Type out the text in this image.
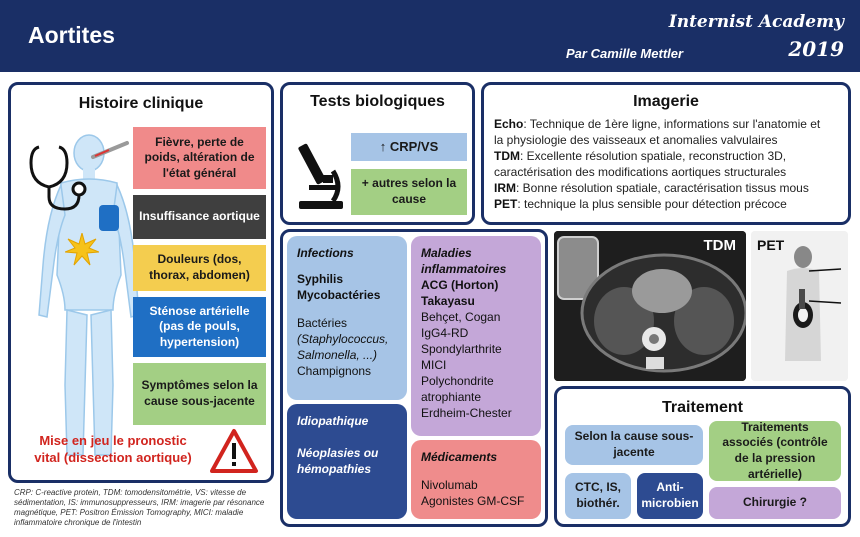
Aortites
Par Camille Mettler
Internist Academy
2019
Histoire clinique
Fièvre, perte de poids, altération de l'état général
Insuffisance aortique
Douleurs (dos, thorax, abdomen)
Sténose artérielle (pas de pouls, hypertension)
Symptômes selon la cause sous-jacente
Mise en jeu le pronostic vital (dissection aortique)
CRP: C-reactive protein, TDM: tomodensitométrie, VS: vitesse de sédimentation, IS: immunosuppresseurs, IRM: imagerie par résonance magnétique, PET: Positron Émission Tomography, MICI: maladie inflammatoire chronique de l'intestin
Tests biologiques
↑ CRP/VS
+ autres selon la cause
Imagerie

Echo: Technique de 1ère ligne, informations sur l'anatomie et la physiologie des vaisseaux et anomalies valvulaires

TDM: Excellente résolution spatiale, reconstruction 3D, caractérisation des modifications aortiques structurales

IRM: Bonne résolution spatiale, caractérisation tissus mous

PET: technique la plus sensible pour détection précoce

Infections
Syphilis
Mycobactéries
Bactéries
(Staphylococcus, Salmonella, ...)
Champignons
Maladies inflammatoires
ACG (Horton)
Takayasu
Behçet, Cogan
IgG4-RD
Spondylarthrite
MICI
Polychondrite atrophiante
Erdheim-Chester
Idiopathique
Néoplasies ou hémopathies
Médicaments
Nivolumab
Agonistes GM-CSF
TDM PET
Traitement
Selon la cause sous-jacente
Traitements associés (contrôle de la pression artérielle)
CTC, IS, biothér.
Anti-microbien	Chirurgie ?
